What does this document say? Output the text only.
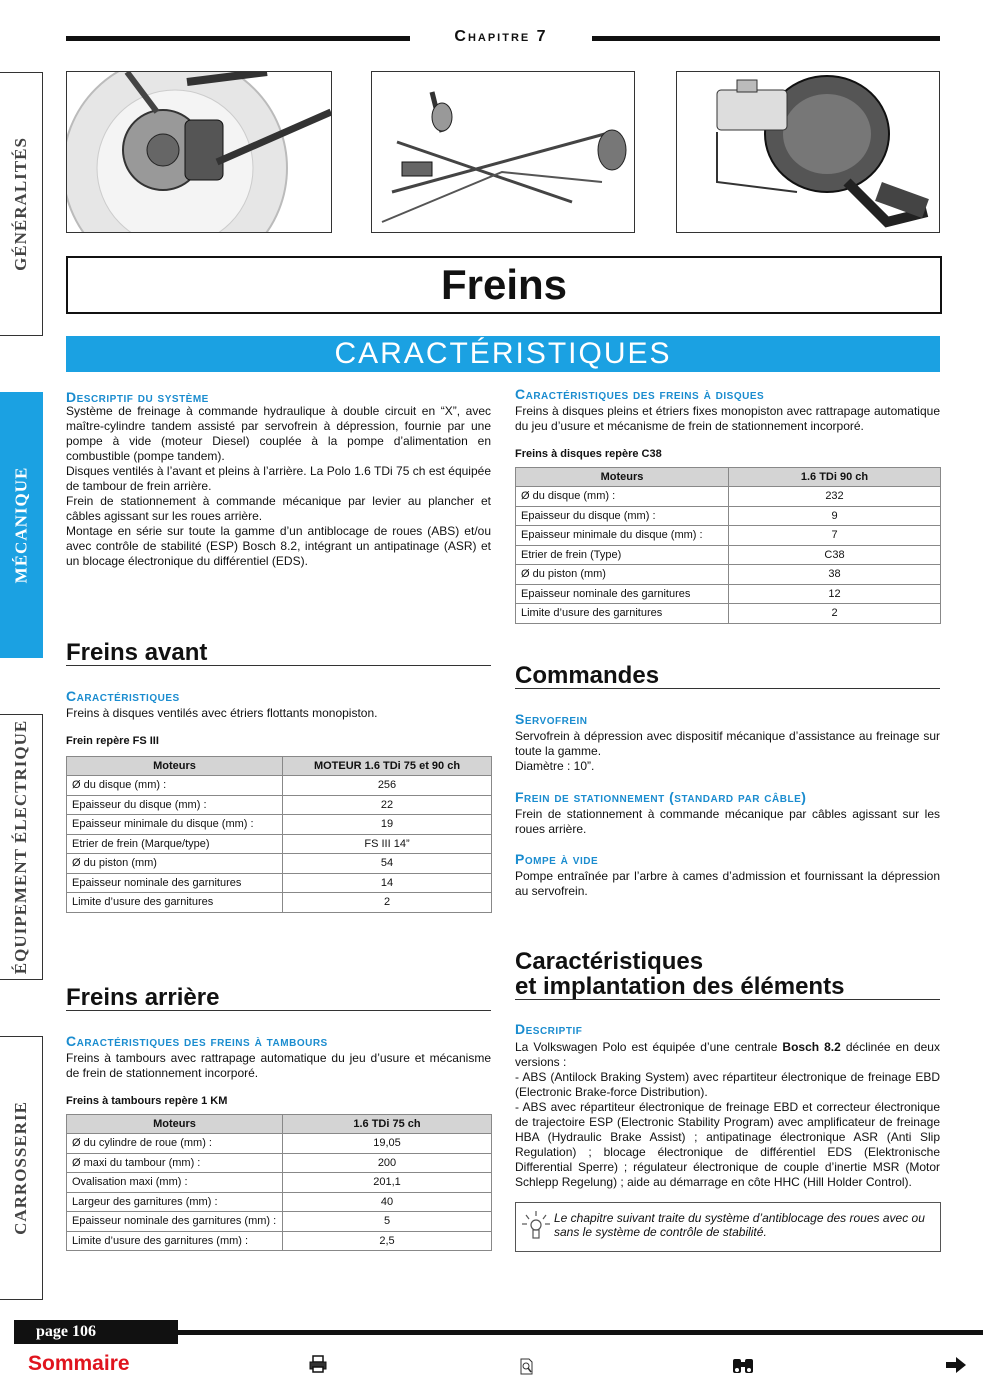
Chapitre 7
GÉNÉRALITÉS
MÉCANIQUE
ÉQUIPEMENT ÉLECTRIQUE
CARROSSERIE
Freins
CARACTÉRISTIQUES
Descriptif du système

Système de freinage à commande hydraulique à double circuit en “X”, avec maître-cylindre tandem assisté par servofrein à dépression, fournie par une pompe à vide (moteur Diesel) couplée à la pompe d’alimentation en combustible (pompe tandem).

Disques ventilés à l’avant et pleins à l’arrière. La Polo 1.6 TDi 75 ch est équipée de tambour de frein arrière.

Frein de stationnement à commande mécanique par levier au plancher et câbles agissant sur les roues arrière.

Montage en série sur toute la gamme d’un antiblocage de roues (ABS) et/ou avec contrôle de stabilité (ESP) Bosch 8.2, intégrant un antipatinage (ASR) et un blocage électronique du différentiel (EDS).

Freins avant
Caractéristiques
Freins à disques ventilés avec étriers flottants monopiston.
Frein repère FS III
Moteurs	MOTEUR 1.6 TDi 75 et 90 ch
Ø du disque (mm) :	256
Epaisseur du disque (mm) :	22
Epaisseur minimale du disque (mm) :	19
Etrier de frein (Marque/type)	FS III 14”
Ø du piston (mm)	54
Epaisseur nominale des garnitures	14
Limite d’usure des garnitures	2
Freins arrière
Caractéristiques des freins à tambours
Freins à tambours avec rattrapage automatique du jeu d’usure et mécanisme de frein de stationnement incorporé.
Freins à tambours repère 1 KM
Moteurs	1.6 TDi 75 ch
Ø du cylindre de roue (mm) :	19,05
Ø maxi du tambour (mm) :	200
Ovalisation maxi (mm) :	201,1
Largeur des garnitures (mm) :	40
Epaisseur nominale des garnitures (mm) :	5
Limite d’usure des garnitures (mm) :	2,5
Caractéristiques des freins à disques
Freins à disques pleins et étriers fixes monopiston avec rattrapage automatique du jeu d’usure et mécanisme de frein de stationnement incorporé.
Freins à disques repère C38
Moteurs	1.6 TDi 90 ch
Ø du disque (mm) :	232
Epaisseur du disque (mm) :	9
Epaisseur minimale du disque (mm) :	7
Etrier de frein (Type)	C38
Ø du piston (mm)	38
Epaisseur nominale des garnitures	12
Limite d’usure des garnitures	2
Commandes
Servofrein

Servofrein à dépression avec dispositif mécanique d’assistance au freinage sur toute la gamme.

Diamètre : 10”.

Frein de stationnement (standard par câble)
Frein de stationnement à commande mécanique par câbles agissant sur les roues arrière.
Pompe à vide
Pompe entraînée par l’arbre à cames d’admission et fournissant la dépression au servofrein.
Caractéristiques
et implantation des éléments
Descriptif

La Volkswagen Polo est équipée d’une centrale Bosch 8.2 déclinée en deux versions :

- ABS (Antilock Braking System) avec répartiteur électronique de freinage EBD (Electronic Brake-force Distribution).

- ABS avec répartiteur électronique de freinage EBD et correcteur électronique de trajectoire ESP (Electronic Stability Program) avec amplificateur de freinage HBA (Hydraulic Brake Assist) ; antipatinage électronique ASR (Anti Slip Regulation) ; blocage électronique de différentiel EDS (Elektronische Differential Sperre) ; régulateur électronique de couple d’inertie MSR (Motor Schlepp Regelung) ; aide au démarrage en côte HHC (Hill Holder Control).

Le chapitre suivant traite du système d’antiblocage des roues avec ou sans le système de contrôle de stabilité.
page 106
Sommaire
